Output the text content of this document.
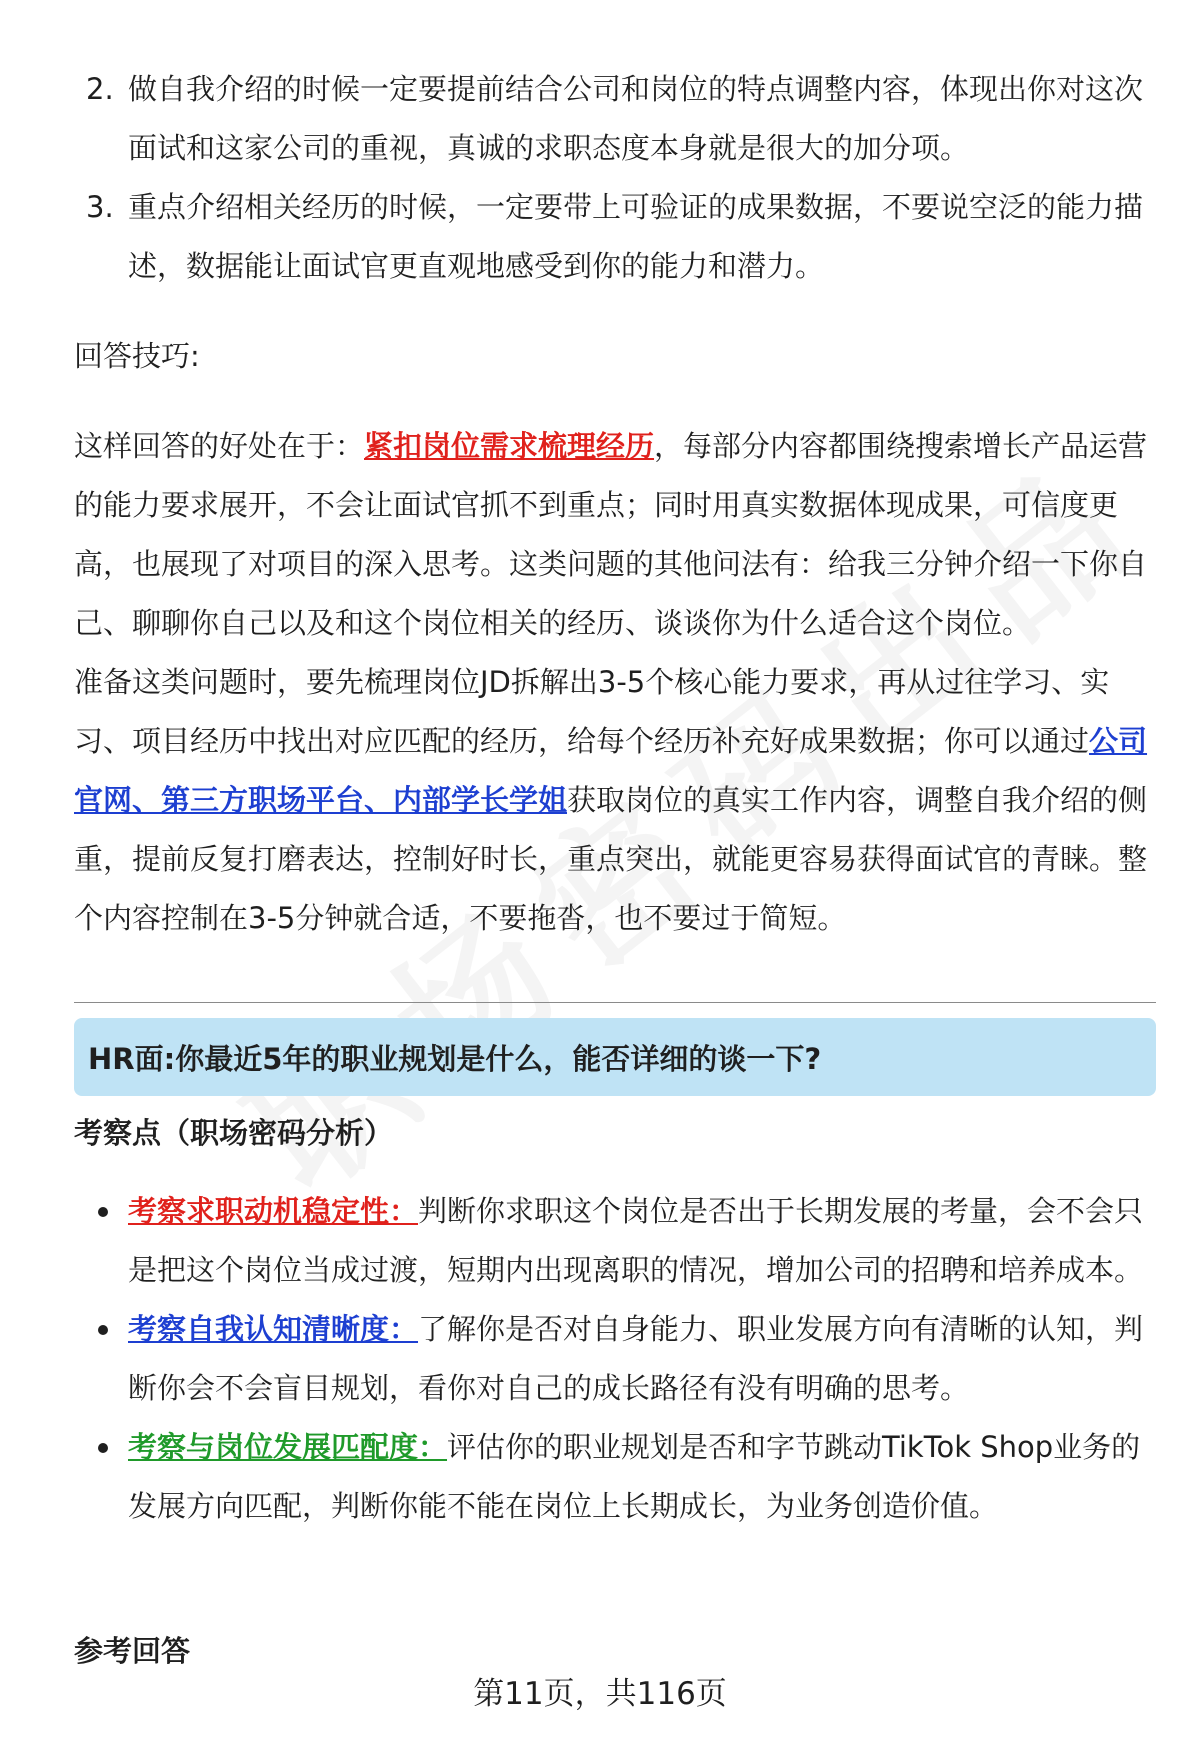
2. 做自我介绍的时候一定要提前结合公司和岗位的特点调整内容，体现出你对这次面试和这家公司的重视，真诚的求职态度本身就是很大的加分项。
3. 重点介绍相关经历的时候，一定要带上可验证的成果数据，不要说空泛的能力描述，数据能让面试官更直观地感受到你的能力和潜力。
回答技巧:
这样回答的好处在于：紧扣岗位需求梳理经历，每部分内容都围绕搜索增长产品运营的能力要求展开，不会让面试官抓不到重点；同时用真实数据体现成果，可信度更高，也展现了对项目的深入思考。这类问题的其他问法有：给我三分钟介绍一下你自己、聊聊你自己以及和这个岗位相关的经历、谈谈你为什么适合这个岗位。
准备这类问题时，要先梳理岗位JD拆解出3-5个核心能力要求，再从过往学习、实习、项目经历中找出对应匹配的经历，给每个经历补充好成果数据；你可以通过公司官网、第三方职场平台、内部学长学姐获取岗位的真实工作内容，调整自我介绍的侧重，提前反复打磨表达，控制好时长，重点突出，就能更容易获得面试官的青睐。整个内容控制在3-5分钟就合适，不要拖沓，也不要过于简短。
HR面:你最近5年的职业规划是什么，能否详细的谈一下?
考察点（职场密码分析）
考察求职动机稳定性：判断你求职这个岗位是否出于长期发展的考量，会不会只是把这个岗位当成过渡，短期内出现离职的情况，增加公司的招聘和培养成本。
考察自我认知清晰度：了解你是否对自身能力、职业发展方向有清晰的认知，判断你会不会盲目规划，看你对自己的成长路径有没有明确的思考。
考察与岗位发展匹配度：评估你的职业规划是否和字节跳动TikTok Shop业务的发展方向匹配，判断你能不能在岗位上长期成长，为业务创造价值。
参考回答
第11页，共116页
